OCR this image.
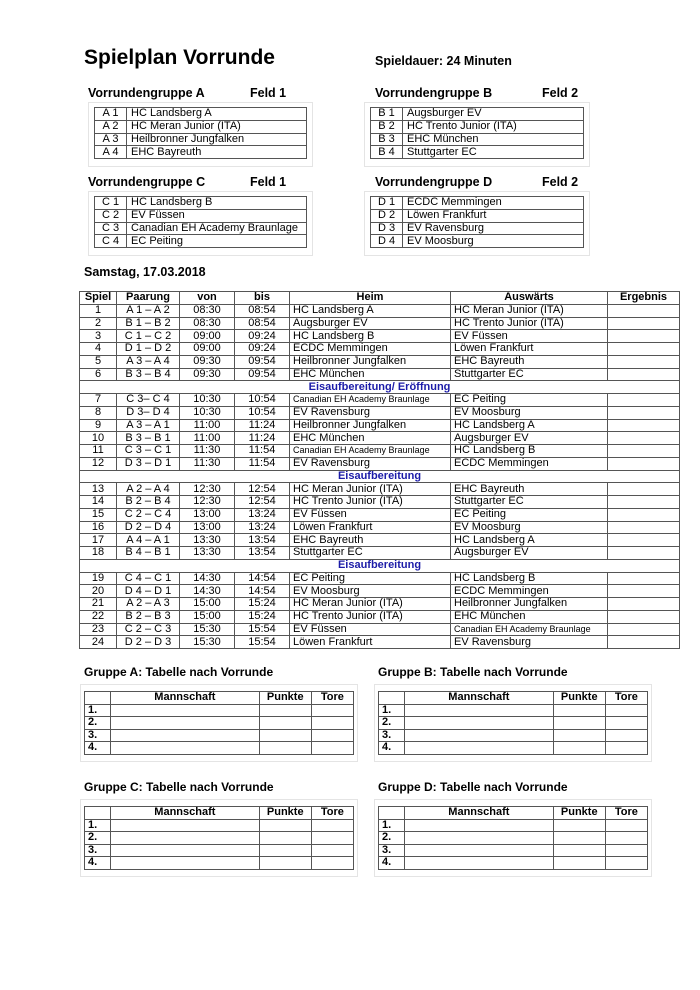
Spielplan Vorrunde	Spieldauer: 24 Minuten
Vorrundengruppe A	Feld 1
A 1	HC Landsberg A
A 2	HC Meran Junior (ITA)
A 3	Heilbronner Jungfalken
A 4	EHC Bayreuth
Vorrundengruppe B	Feld 2
B 1	Augsburger EV
B 2	HC Trento Junior (ITA)
B 3	EHC München
B 4	Stuttgarter EC
Vorrundengruppe C	Feld 1
C 1	HC Landsberg B
C 2	EV Füssen
C 3	Canadian EH Academy Braunlage
C 4	EC Peiting
Vorrundengruppe D	Feld 2
D 1	ECDC Memmingen
D 2	Löwen Frankfurt
D 3	EV Ravensburg
D 4	EV Moosburg
Samstag, 17.03.2018
Spiel	Paarung	von	bis	Heim	Auswärts	Ergebnis
1	A 1 – A 2	08:30	08:54	HC Landsberg A	HC Meran Junior (ITA)	
2	B 1 – B 2	08:30	08:54	Augsburger EV	HC Trento Junior (ITA)	
3	C 1 – C 2	09:00	09:24	HC Landsberg B	EV Füssen	
4	D 1 – D 2	09:00	09:24	ECDC Memmingen	Löwen Frankfurt	
5	A 3 – A 4	09:30	09:54	Heilbronner Jungfalken	EHC Bayreuth	
6	B 3 – B 4	09:30	09:54	EHC München	Stuttgarter EC	
Eisaufbereitung/ Eröffnung						
7	C 3– C 4	10:30	10:54	Canadian EH Academy Braunlage	EC Peiting	
8	D 3– D 4	10:30	10:54	EV Ravensburg	EV Moosburg	
9	A 3 – A 1	11:00	11:24	Heilbronner Jungfalken	HC Landsberg A	
10	B 3 – B 1	11:00	11:24	EHC München	Augsburger EV	
11	C 3 – C 1	11:30	11:54	Canadian EH Academy Braunlage	HC Landsberg B	
12	D 3 – D 1	11:30	11:54	EV Ravensburg	ECDC Memmingen	
Eisaufbereitung						
13	A 2 – A 4	12:30	12:54	HC Meran Junior (ITA)	EHC Bayreuth	
14	B 2 – B 4	12:30	12:54	HC Trento Junior (ITA)	Stuttgarter EC	
15	C 2 – C 4	13:00	13:24	EV Füssen	EC Peiting	
16	D 2 – D 4	13:00	13:24	Löwen Frankfurt	EV Moosburg	
17	A 4 – A 1	13:30	13:54	EHC Bayreuth	HC Landsberg A	
18	B 4 – B 1	13:30	13:54	Stuttgarter EC	Augsburger EV	
Eisaufbereitung						
19	C 4 – C 1	14:30	14:54	EC Peiting	HC Landsberg B	
20	D 4 – D 1	14:30	14:54	EV Moosburg	ECDC Memmingen	
21	A 2 – A 3	15:00	15:24	HC Meran Junior (ITA)	Heilbronner Jungfalken	
22	B 2 – B 3	15:00	15:24	HC Trento Junior (ITA)	EHC München	
23	C 2 – C 3	15:30	15:54	EV Füssen	Canadian EH Academy Braunlage	
24	D 2 – D 3	15:30	15:54	Löwen Frankfurt	EV Ravensburg	
Gruppe A: Tabelle nach Vorrunde
	Mannschaft	Punkte	Tore
1.			
2.			
3.			
4.			
Gruppe B: Tabelle nach Vorrunde
	Mannschaft	Punkte	Tore
1.			
2.			
3.			
4.			
Gruppe C: Tabelle nach Vorrunde
	Mannschaft	Punkte	Tore
1.			
2.			
3.			
4.			
Gruppe D: Tabelle nach Vorrunde
	Mannschaft	Punkte	Tore
1.			
2.			
3.			
4.			
